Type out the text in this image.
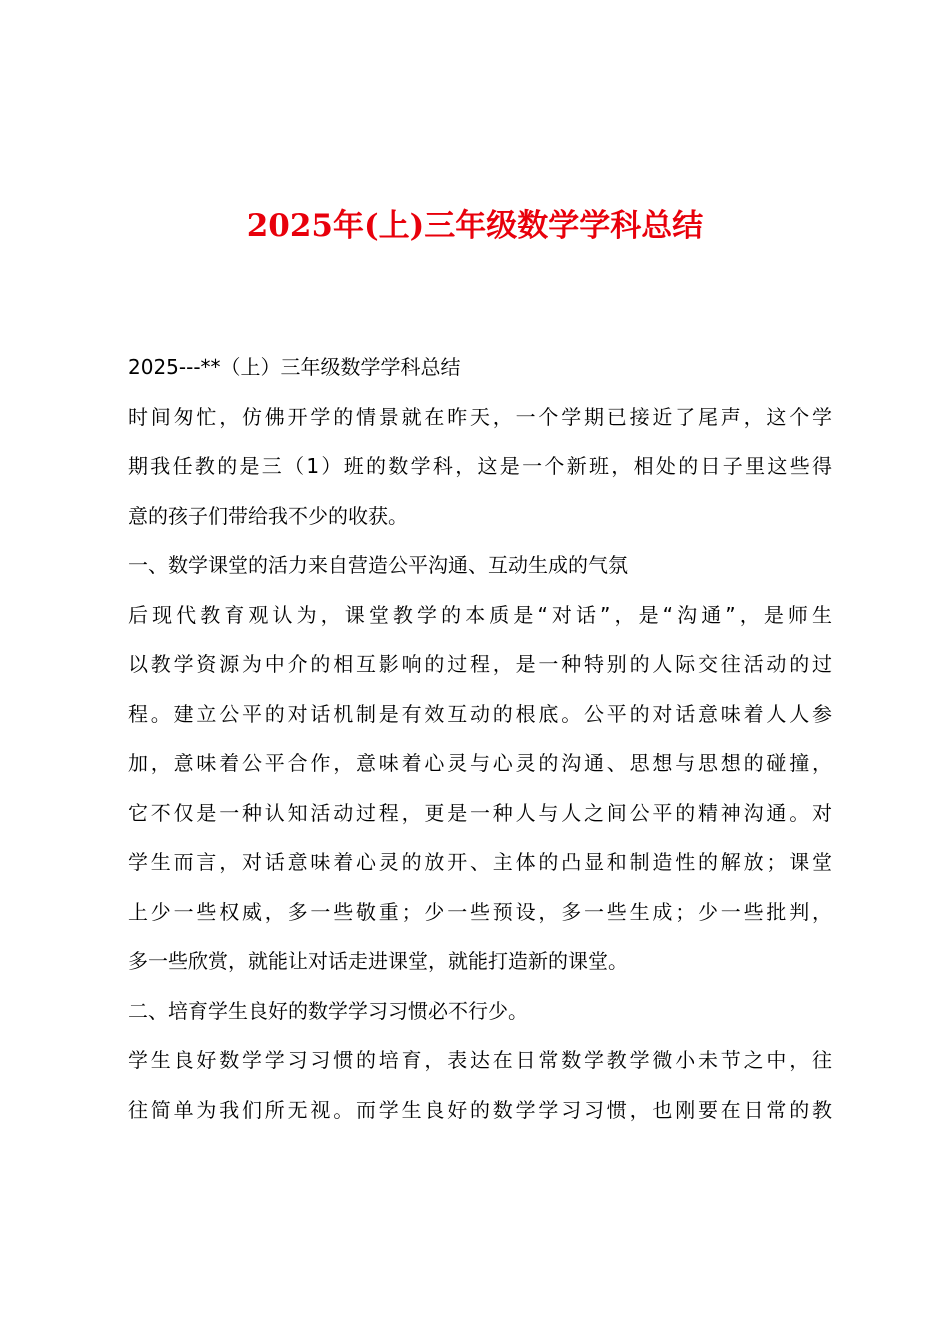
2025年(上)三年级数学学科总结
2025---**（上）三年级数学学科总结
时间匆忙，仿佛开学的情景就在昨天，一个学期已接近了尾声，这个学
期我任教的是三（1）班的数学科，这是一个新班，相处的日子里这些得
意的孩子们带给我不少的收获。
一、数学课堂的活力来自营造公平沟通、互动生成的气氛
后现代教育观认为，课堂教学的本质是“对话”，是“沟通”，是师生
以教学资源为中介的相互影响的过程，是一种特别的人际交往活动的过
程。建立公平的对话机制是有效互动的根底。公平的对话意味着人人参
加，意味着公平合作，意味着心灵与心灵的沟通、思想与思想的碰撞，
它不仅是一种认知活动过程，更是一种人与人之间公平的精神沟通。对
学生而言，对话意味着心灵的放开、主体的凸显和制造性的解放；课堂
上少一些权威，多一些敬重；少一些预设，多一些生成；少一些批判，
多一些欣赏，就能让对话走进课堂，就能打造新的课堂。
二、培育学生良好的数学学习习惯必不行少。
学生良好数学学习习惯的培育，表达在日常数学教学微小未节之中，往
往简单为我们所无视。而学生良好的数学学习习惯，也刚要在日常的教
